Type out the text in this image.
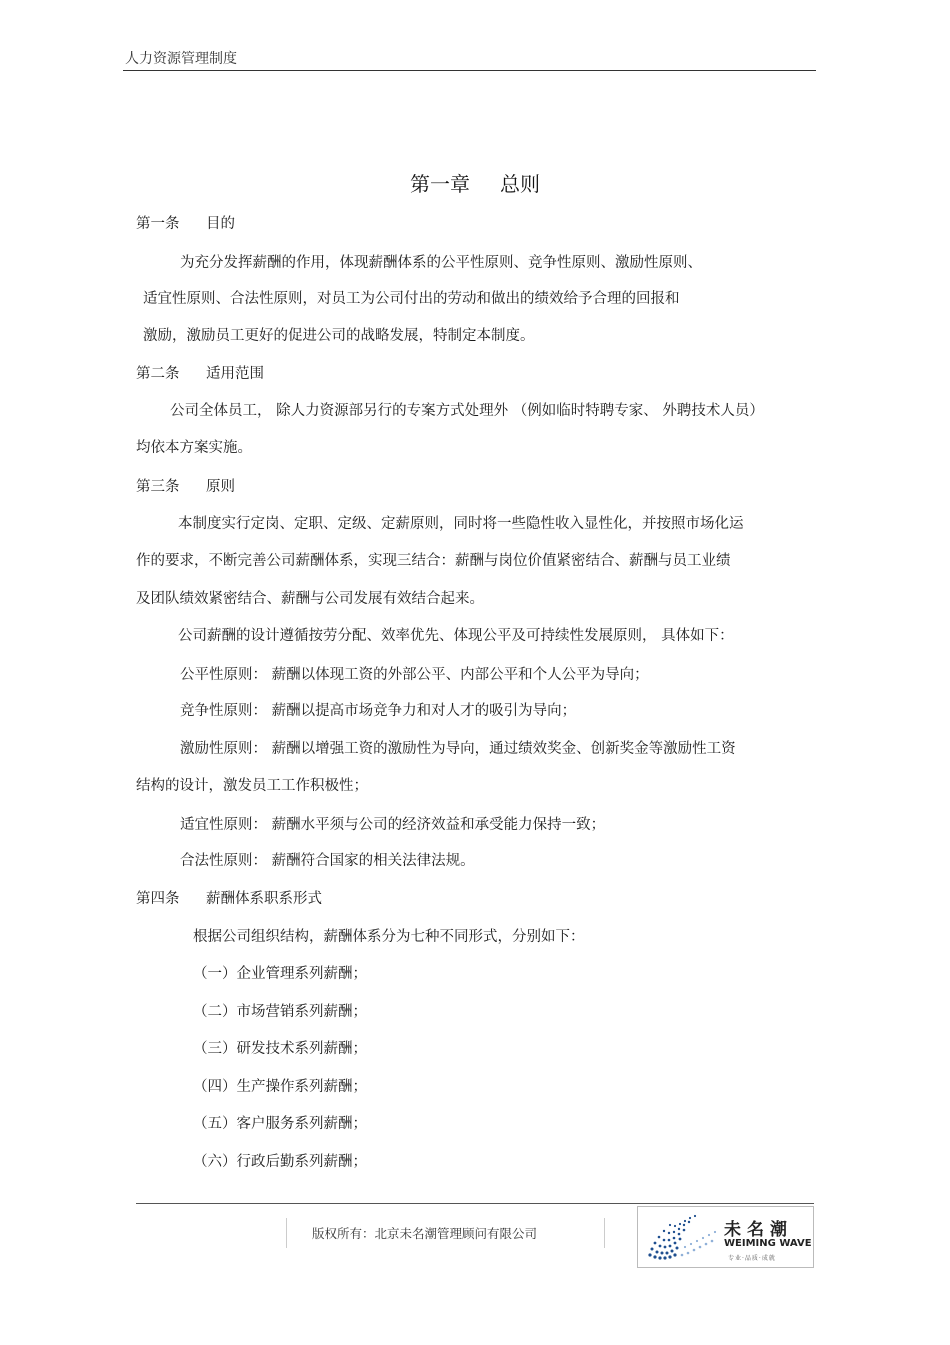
人力资源管理制度
第一章 总则
第一条 目的
为充分发挥薪酬的作用，体现薪酬体系的公平性原则、竞争性原则、激励性原则、
适宜性原则、合法性原则，对员工为公司付出的劳动和做出的绩效给予合理的回报和
激励，激励员工更好的促进公司的战略发展，特制定本制度。
第二条 适用范围
公司全体员工， 除人力资源部另行的专案方式处理外 （例如临时特聘专家、 外聘技术人员）
均依本方案实施。
第三条 原则
本制度实行定岗、定职、定级、定薪原则，同时将一些隐性收入显性化，并按照市场化运
作的要求，不断完善公司薪酬体系，实现三结合：薪酬与岗位价值紧密结合、薪酬与员工业绩
及团队绩效紧密结合、薪酬与公司发展有效结合起来。
公司薪酬的设计遵循按劳分配、效率优先、体现公平及可持续性发展原则， 具体如下：
公平性原则： 薪酬以体现工资的外部公平、内部公平和个人公平为导向；
竞争性原则： 薪酬以提高市场竞争力和对人才的吸引为导向；
激励性原则： 薪酬以增强工资的激励性为导向，通过绩效奖金、创新奖金等激励性工资
结构的设计，激发员工工作积极性；
适宜性原则： 薪酬水平须与公司的经济效益和承受能力保持一致；
合法性原则： 薪酬符合国家的相关法律法规。
第四条 薪酬体系职系形式
根据公司组织结构，薪酬体系分为七种不同形式，分别如下：
（一）企业管理系列薪酬；
（二）市场营销系列薪酬；
（三）研发技术系列薪酬；
（四）生产操作系列薪酬；
（五）客户服务系列薪酬；
（六）行政后勤系列薪酬；
版权所有：北京未名潮管理顾问有限公司	未名潮
WEIMING WAVE
专业·品质·成就
